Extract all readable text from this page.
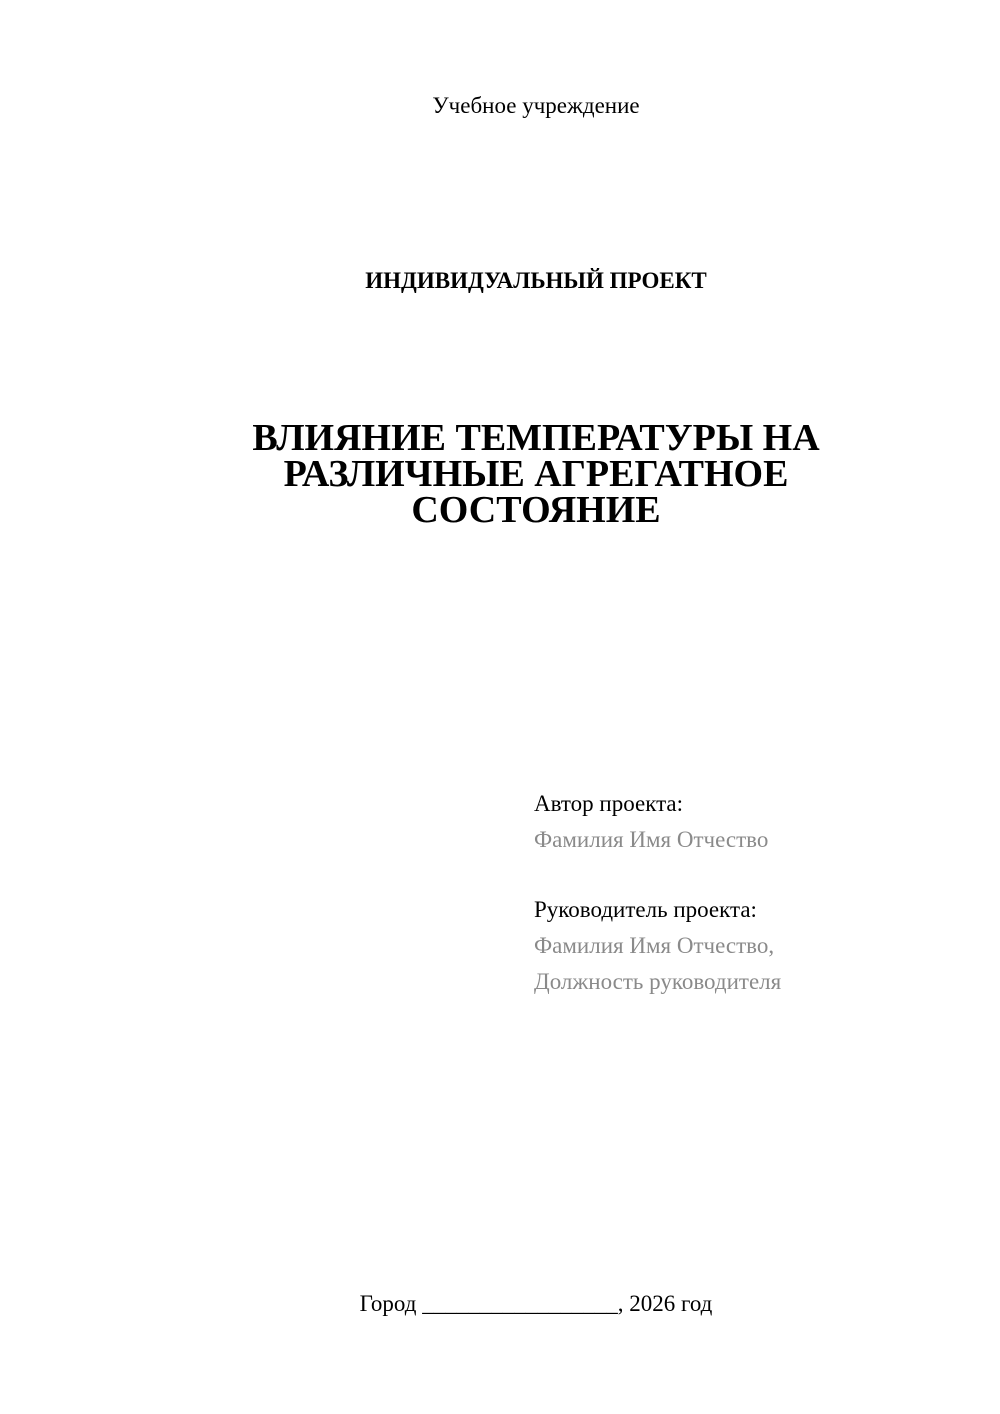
Учебное учреждение
ИНДИВИДУАЛЬНЫЙ ПРОЕКТ
ВЛИЯНИЕ ТЕМПЕРАТУРЫ НА
РАЗЛИЧНЫЕ АГРЕГАТНОЕ
СОСТОЯНИЕ
Автор проекта:
Фамилия Имя Отчество
Руководитель проекта:
Фамилия Имя Отчество,
Должность руководителя
Город _________________, 2026 год
